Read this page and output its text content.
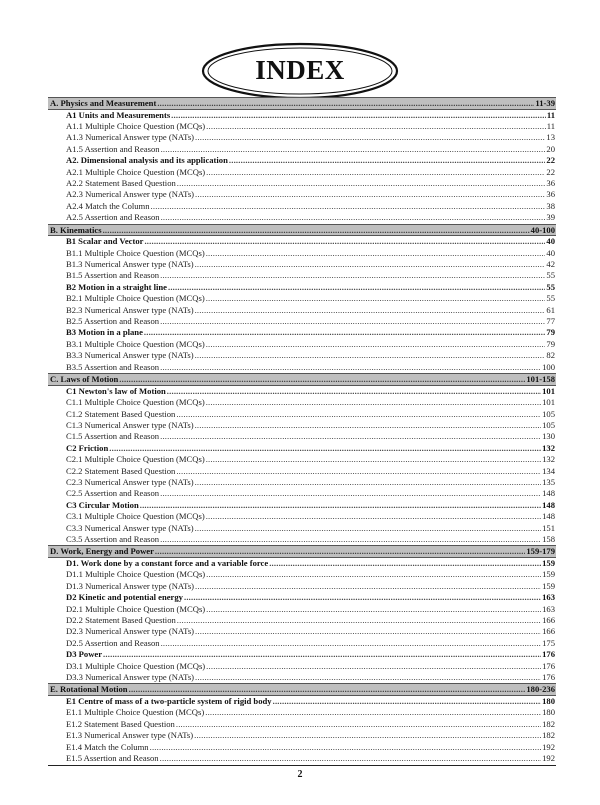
INDEX
A. Physics and Measurement .....	11-39
A1 Units and Measurements .....	11
A1.1 Multiple Choice Question (MCQs) .....	11
A1.3 Numerical Answer type (NATs) .....	13
A1.5 Assertion and Reason .....	20
A2. Dimensional analysis and its application .....	22
A2.1 Multiple Choice Question (MCQs) .....	22
A2.2 Statement Based Question .....	36
A2.3 Numerical Answer type (NATs) .....	36
A2.4 Match the Column .....	38
A2.5 Assertion and Reason .....	39
B. Kinematics .....	40-100
B1 Scalar and Vector .....	40
B1.1 Multiple Choice Question (MCQs) .....	40
B1.3 Numerical Answer type (NATs) .....	42
B1.5 Assertion and Reason .....	55
B2 Motion in a straight line .....	55
B2.1 Multiple Choice Question (MCQs) .....	55
B2.3 Numerical Answer type (NATs) .....	61
B2.5 Assertion and Reason .....	77
B3 Motion in a plane .....	79
B3.1 Multiple Choice Question (MCQs) .....	79
B3.3 Numerical Answer type (NATs) .....	82
B3.5 Assertion and Reason .....	100
C. Laws of Motion .....	101-158
C1 Newton's law of Motion .....	101
C1.1 Multiple Choice Question (MCQs) .....	101
C1.2 Statement Based Question .....	105
C1.3 Numerical Answer type (NATs) .....	105
C1.5 Assertion and Reason .....	130
C2 Friction .....	132
C2.1 Multiple Choice Question (MCQs) .....	132
C2.2 Statement Based Question .....	134
C2.3 Numerical Answer type (NATs) .....	135
C2.5 Assertion and Reason .....	148
C3 Circular Motion .....	148
C3.1 Multiple Choice Question (MCQs) .....	148
C3.3 Numerical Answer type (NATs) .....	151
C3.5 Assertion and Reason .....	158
D. Work, Energy and Power .....	159-179
D1. Work done by a constant force and a variable force .....	159
D1.1 Multiple Choice Question (MCQs) .....	159
D1.3 Numerical Answer type (NATs) .....	159
D2 Kinetic and potential energy .....	163
D2.1 Multiple Choice Question (MCQs) .....	163
D2.2 Statement Based Question .....	166
D2.3 Numerical Answer type (NATs) .....	166
D2.5 Assertion and Reason .....	175
D3 Power .....	176
D3.1 Multiple Choice Question (MCQs) .....	176
D3.3 Numerical Answer type (NATs) .....	176
E. Rotational Motion .....	180-236
E1 Centre of mass of a two-particle system of rigid body .....	180
E1.1 Multiple Choice Question (MCQs) .....	180
E1.2 Statement Based Question .....	182
E1.3 Numerical Answer type (NATs) .....	182
E1.4 Match the Column .....	192
E1.5 Assertion and Reason .....	192
2
